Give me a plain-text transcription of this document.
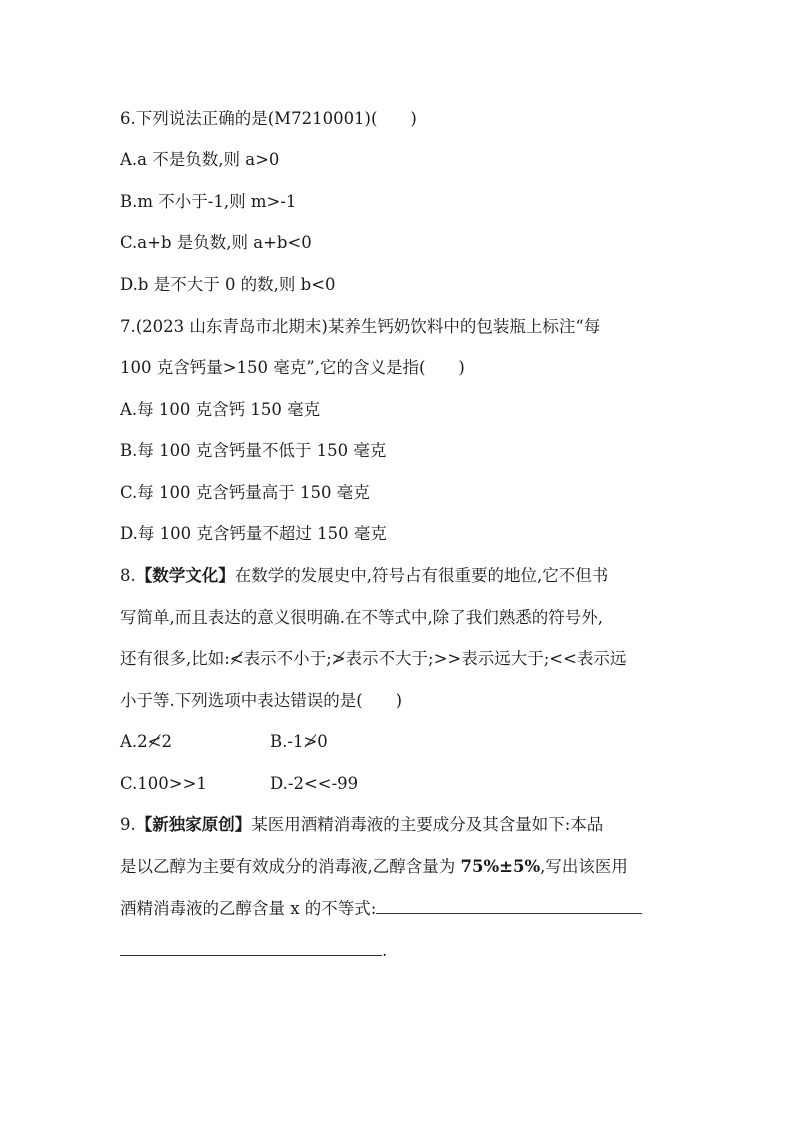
6.下列说法正确的是(M7210001)(　　)
A.a 不是负数,则 a>0
B.m 不小于-1,则 m>-1
C.a+b 是负数,则 a+b<0
D.b 是不大于 0 的数,则 b<0
7.(2023 山东青岛市北期末)某养生钙奶饮料中的包装瓶上标注“每
100 克含钙量>150 毫克”,它的含义是指(　　)
A.每 100 克含钙 150 毫克
B.每 100 克含钙量不低于 150 毫克
C.每 100 克含钙量高于 150 毫克
D.每 100 克含钙量不超过 150 毫克
8.【数学文化】在数学的发展史中,符号占有很重要的地位,它不但书
写简单,而且表达的意义很明确.在不等式中,除了我们熟悉的符号外,
还有很多,比如:≮表示不小于;≯表示不大于;>>表示远大于;<<表示远
小于等.下列选项中表达错误的是(　　)
A.2≮2	B.-1≯0
C.100>>1	D.-2<<-99
9.【新独家原创】某医用酒精消毒液的主要成分及其含量如下:本品
是以乙醇为主要有效成分的消毒液,乙醇含量为 75%±5%,写出该医用
酒精消毒液的乙醇含量 x 的不等式:
.
